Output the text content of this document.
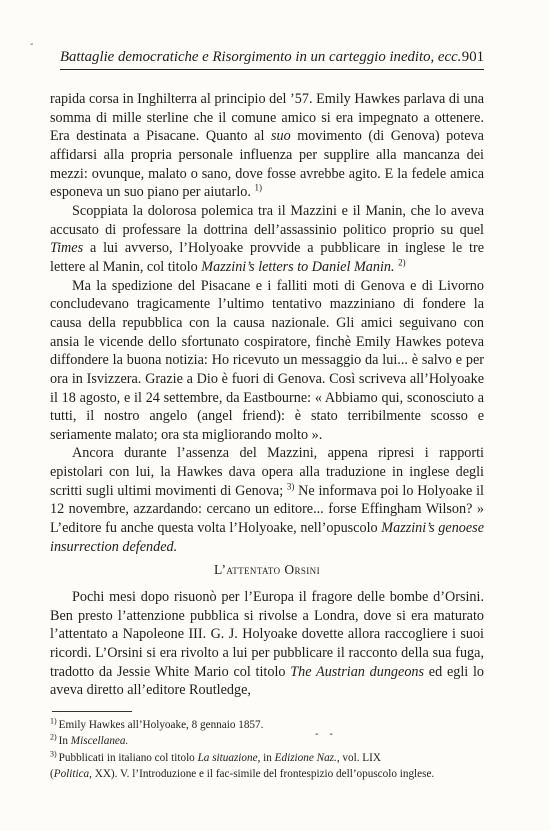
-
Battaglie democratiche e Risorgimento in un carteggio inedito, ecc. 901

rapida corsa in Inghilterra al principio del ’57. Emily Hawkes parlava di una somma di mille sterline che il comune amico si era impegnato a ottenere. Era destinata a Pisacane. Quanto al suo movimento (di Genova) poteva affidarsi alla propria personale influenza per supplire alla mancanza dei mezzi: ovunque, malato o sano, dove fosse avrebbe agito. E la fedele amica esponeva un suo piano per aiutarlo. $^{1)}$

Scoppiata la dolorosa polemica tra il Mazzini e il Manin, che lo aveva accusato di professare la dottrina dell’assassinio politico proprio su quel Times a lui avverso, l’Holyoake provvide a pubblicare in inglese le tre lettere al Manin, col titolo Mazzini’s letters to Daniel Manin. $^{2)}$

Ma la spedizione del Pisacane e i falliti moti di Genova e di Livorno concludevano tragicamente l’ultimo tentativo mazziniano di fondere la causa della repubblica con la causa nazionale. Gli amici seguivano con ansia le vicende dello sfortunato cospiratore, finchè Emily Hawkes poteva diffondere la buona notizia: Ho ricevuto un messaggio da lui... è salvo e per ora in Isvizzera. Grazie a Dio è fuori di Genova. Così scriveva all’Holyoake il 18 agosto, e il 24 settembre, da Eastbourne: « Abbiamo qui, sconosciuto a tutti, il nostro angelo (angel friend): è stato terribilmente scosso e seriamente malato; ora sta migliorando molto ».

Ancora durante l’assenza del Mazzini, appena ripresi i rapporti epistolari con lui, la Hawkes dava opera alla traduzione in inglese degli scritti sugli ultimi movimenti di Genova; $^{3)}$ Ne informava poi lo Holyoake il 12 novembre, azzardando: cercano un editore... forse Effingham Wilson? » L’editore fu anche questa volta l’Holyoake, nell’opuscolo Mazzini’s genoese insurrection defended.

L’attentato Orsini

Pochi mesi dopo risuonò per l’Europa il fragore delle bombe d’Orsini. Ben presto l’attenzione pubblica si rivolse a Londra, dove si era maturato l’attentato a Napoleone III. G. J. Holyoake dovette allora raccogliere i suoi ricordi. L’Orsini si era rivolto a lui per pubblicare il racconto della sua fuga, tradotto da Jessie White Mario col titolo The Austrian dungeons ed egli lo aveva diretto all’editore Routledge,

- -
$^{1)}$ Emily Hawkes all’Holyoake, 8 gennaio 1857.
$^{2)}$ In Miscellanea.
$^{3)}$ Pubblicati in italiano col titolo La situazione, in Edizione Naz., vol. LIX
(Politica, XX). V. l’Introduzione e il fac-simile del frontespizio dell’opuscolo inglese.
